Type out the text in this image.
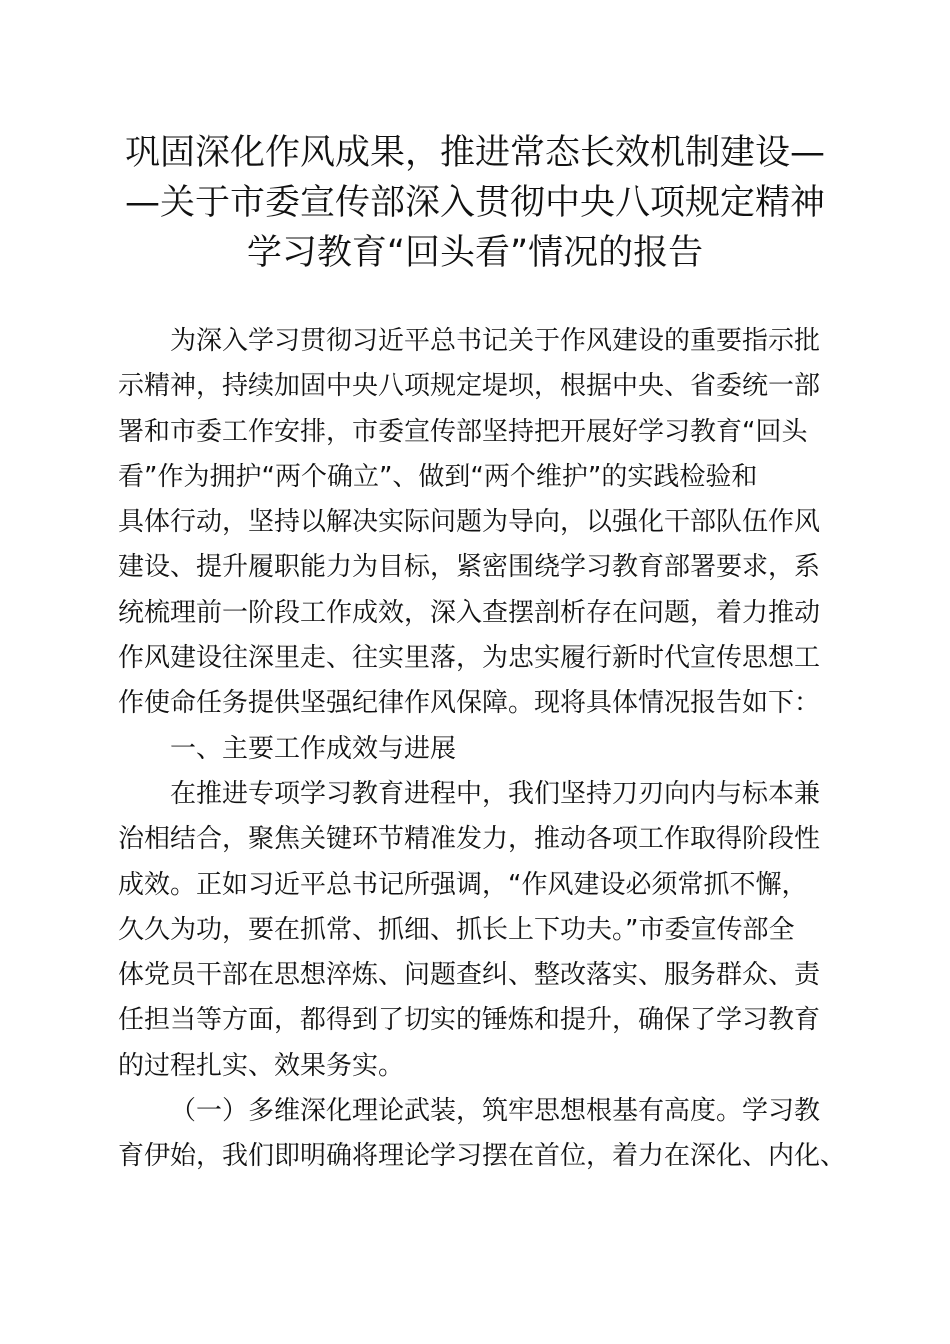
巩固深化作风成果，推进常态长效机制建设—
—关于市委宣传部深入贯彻中央八项规定精神
学习教育“回头看”情况的报告
为深入学习贯彻习近平总书记关于作风建设的重要指示批
示精神，持续加固中央八项规定堤坝，根据中央、省委统一部
署和市委工作安排，市委宣传部坚持把开展好学习教育“回头
看”作为拥护“两个确立”、做到“两个维护”的实践检验和
具体行动，坚持以解决实际问题为导向，以强化干部队伍作风
建设、提升履职能力为目标，紧密围绕学习教育部署要求，系
统梳理前一阶段工作成效，深入查摆剖析存在问题，着力推动
作风建设往深里走、往实里落，为忠实履行新时代宣传思想工
作使命任务提供坚强纪律作风保障。现将具体情况报告如下：
一、主要工作成效与进展
在推进专项学习教育进程中，我们坚持刀刃向内与标本兼
治相结合，聚焦关键环节精准发力，推动各项工作取得阶段性
成效。正如习近平总书记所强调，“作风建设必须常抓不懈，
久久为功，要在抓常、抓细、抓长上下功夫。”市委宣传部全
体党员干部在思想淬炼、问题查纠、整改落实、服务群众、责
任担当等方面，都得到了切实的锤炼和提升，确保了学习教育
的过程扎实、效果务实。
（一）多维深化理论武装，筑牢思想根基有高度。学习教
育伊始，我们即明确将理论学习摆在首位，着力在深化、内化、
